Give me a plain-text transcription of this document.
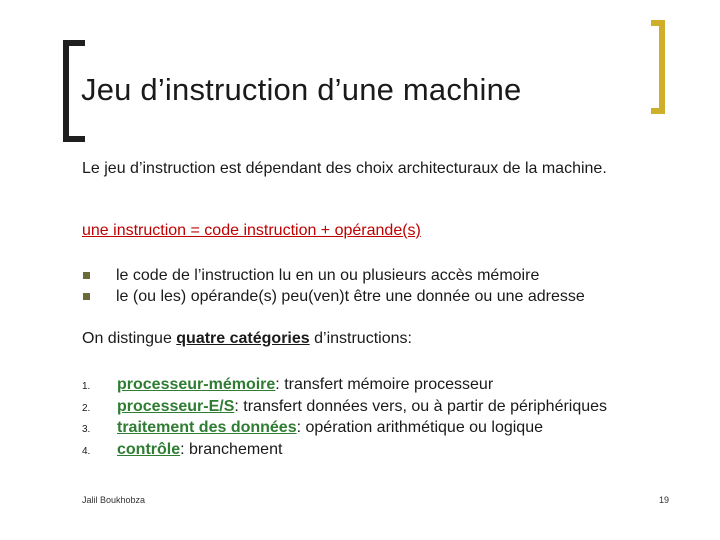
Jeu d’instruction d’une machine
Le jeu d’instruction est dépendant des choix architecturaux de la machine.
une instruction = code instruction + opérande(s)
le code de l’instruction lu en un ou plusieurs accès mémoire
le (ou les) opérande(s) peu(ven)t être une donnée ou une adresse
On distingue quatre catégories d’instructions:
1. processeur-mémoire: transfert mémoire processeur
2. processeur-E/S: transfert données vers, ou à partir de périphériques
3. traitement des données: opération arithmétique ou logique
4. contrôle: branchement
Jalil Boukhobza	19
